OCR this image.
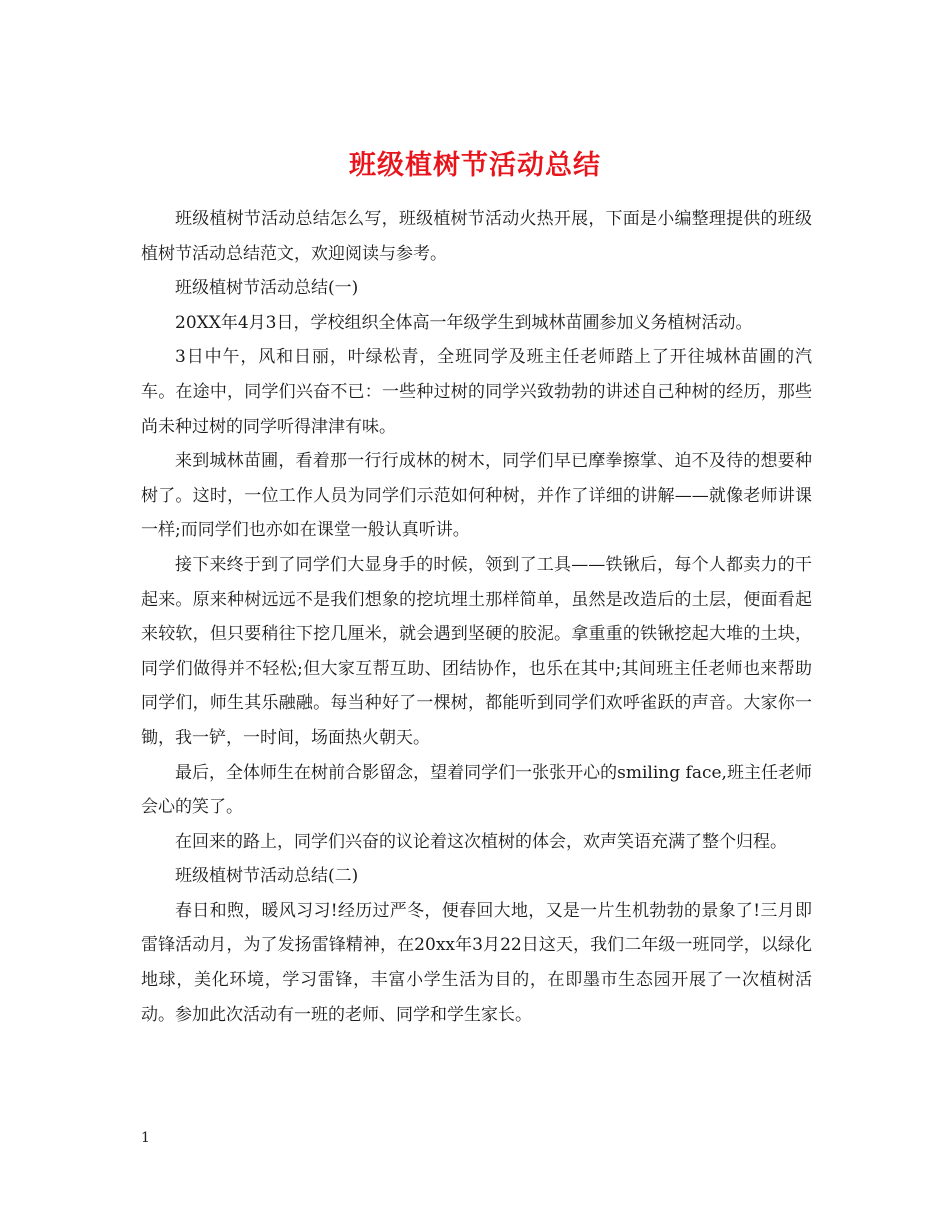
班级植树节活动总结

班级植树节活动总结怎么写，班级植树节活动火热开展，下面是小编整理提供的班级植树节活动总结范文，欢迎阅读与参考。

班级植树节活动总结(一)

20XX年4月3日，学校组织全体高一年级学生到城林苗圃参加义务植树活动。

3日中午，风和日丽，叶绿松青，全班同学及班主任老师踏上了开往城林苗圃的汽车。在途中，同学们兴奋不已：一些种过树的同学兴致勃勃的讲述自己种树的经历，那些尚未种过树的同学听得津津有味。

来到城林苗圃，看着那一行行成林的树木，同学们早已摩拳擦掌、迫不及待的想要种树了。这时，一位工作人员为同学们示范如何种树，并作了详细的讲解——就像老师讲课一样;而同学们也亦如在课堂一般认真听讲。

接下来终于到了同学们大显身手的时候，领到了工具——铁锹后，每个人都卖力的干起来。原来种树远远不是我们想象的挖坑埋土那样简单，虽然是改造后的土层，便面看起来较软，但只要稍往下挖几厘米，就会遇到坚硬的胶泥。拿重重的铁锹挖起大堆的土块，同学们做得并不轻松;但大家互帮互助、团结协作，也乐在其中;其间班主任老师也来帮助同学们，师生其乐融融。每当种好了一棵树，都能听到同学们欢呼雀跃的声音。大家你一锄，我一铲，一时间，场面热火朝天。

最后，全体师生在树前合影留念，望着同学们一张张开心的smiling face,班主任老师会心的笑了。

在回来的路上，同学们兴奋的议论着这次植树的体会，欢声笑语充满了整个归程。

班级植树节活动总结(二)

春日和煦，暖风习习!经历过严冬，便春回大地，又是一片生机勃勃的景象了!三月即雷锋活动月，为了发扬雷锋精神，在20xx年3月22日这天，我们二年级一班同学，以绿化地球，美化环境，学习雷锋，丰富小学生活为目的，在即墨市生态园开展了一次植树活动。参加此次活动有一班的老师、同学和学生家长。

1
